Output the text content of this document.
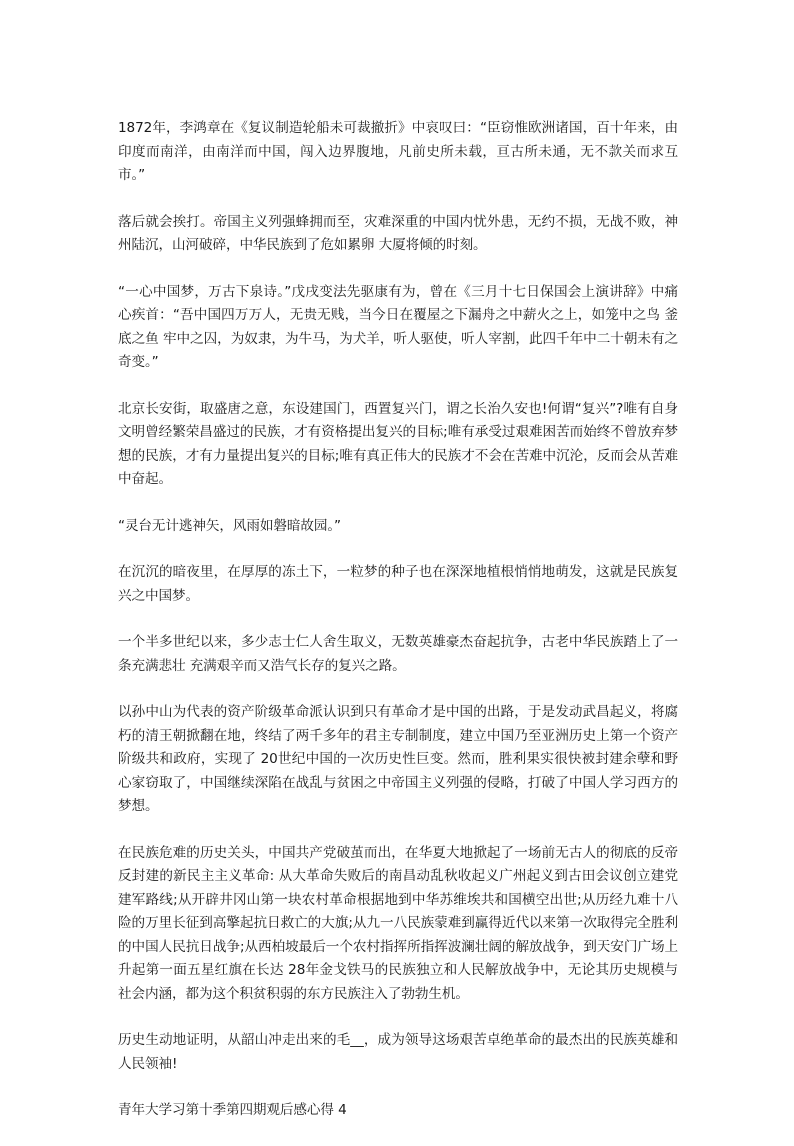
1872年，李鸿章在《复议制造轮船未可裁撤折》中哀叹曰：“臣窃惟欧洲诸国，百十年来，由印度而南洋，由南洋而中国，闯入边界腹地，凡前史所未载，亘古所未通，无不款关而求互市。”

落后就会挨打。帝国主义列强蜂拥而至，灾难深重的中国内忧外患，无约不损，无战不败，神州陆沉，山河破碎，中华民族到了危如累卵 大厦将倾的时刻。

“一心中国梦，万古下泉诗。”戊戌变法先驱康有为，曾在《三月十七日保国会上演讲辞》中痛心疾首：“吾中国四万万人，无贵无贱，当今日在覆屋之下漏舟之中薪火之上，如笼中之鸟 釜底之鱼 牢中之囚，为奴隶，为牛马，为犬羊，听人驱使，听人宰割，此四千年中二十朝未有之奇变。”

北京长安街，取盛唐之意，东设建国门，西置复兴门，谓之长治久安也!何谓“复兴”?唯有自身文明曾经繁荣昌盛过的民族，才有资格提出复兴的目标;唯有承受过艰难困苦而始终不曾放弃梦想的民族，才有力量提出复兴的目标;唯有真正伟大的民族才不会在苦难中沉沦，反而会从苦难中奋起。

“灵台无计逃神矢，风雨如磐暗故园。”

在沉沉的暗夜里，在厚厚的冻土下，一粒梦的种子也在深深地植根悄悄地萌发，这就是民族复兴之中国梦。

一个半多世纪以来，多少志士仁人舍生取义，无数英雄豪杰奋起抗争，古老中华民族踏上了一条充满悲壮 充满艰辛而又浩气长存的复兴之路。

以孙中山为代表的资产阶级革命派认识到只有革命才是中国的出路，于是发动武昌起义，将腐朽的清王朝掀翻在地，终结了两千多年的君主专制制度，建立中国乃至亚洲历史上第一个资产阶级共和政府，实现了 20世纪中国的一次历史性巨变。然而，胜利果实很快被封建余孽和野心家窃取了，中国继续深陷在战乱与贫困之中帝国主义列强的侵略，打破了中国人学习西方的梦想。

在民族危难的历史关头，中国共产党破茧而出，在华夏大地掀起了一场前无古人的彻底的反帝反封建的新民主主义革命: 从大革命失败后的南昌动乱秋收起义广州起义到古田会议创立建党建军路线;从开辟井冈山第一块农村革命根据地到中华苏维埃共和国横空出世;从历经九难十八险的万里长征到高擎起抗日救亡的大旗;从九一八民族蒙难到赢得近代以来第一次取得完全胜利的中国人民抗日战争;从西柏坡最后一个农村指挥所指挥波澜壮阔的解放战争，到天安门广场上升起第一面五星红旗在长达 28年金戈铁马的民族独立和人民解放战争中，无论其历史规模与社会内涵，都为这个积贫积弱的东方民族注入了勃勃生机。

历史生动地证明，从韶山冲走出来的毛__，成为领导这场艰苦卓绝革命的最杰出的民族英雄和人民领袖!

青年大学习第十季第四期观后感心得 4
